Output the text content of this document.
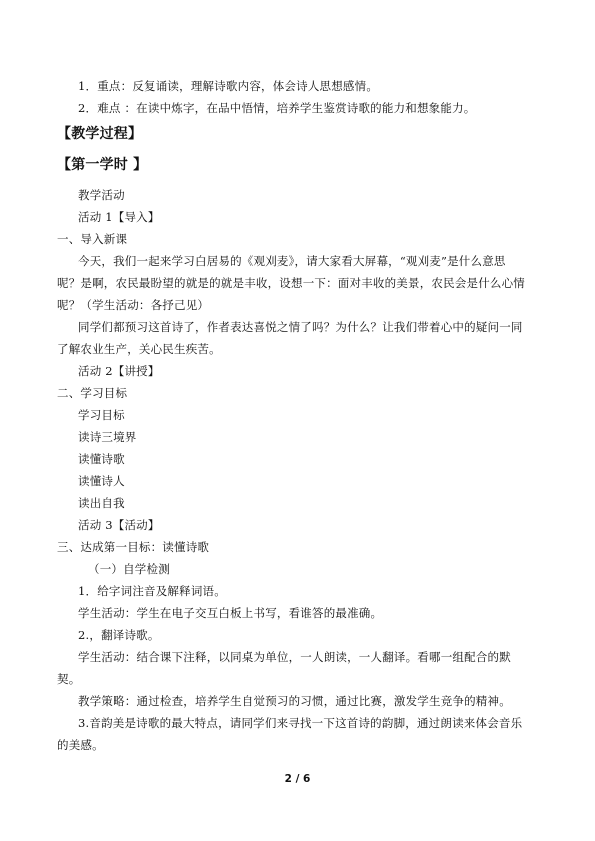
1．重点：反复诵读，理解诗歌内容，体会诗人思想感情。
2．难点 ：在读中炼字，在品中悟情，培养学生鉴赏诗歌的能力和想象能力。
【教学过程】
【第一学时 】
教学活动
活动 1【导入】
一、导入新课
今天，我们一起来学习白居易的《观刈麦》，请大家看大屏幕，“观刈麦”是什么意思
呢？是啊，农民最盼望的就是的就是丰收，设想一下：面对丰收的美景，农民会是什么心情
呢？（学生活动：各抒己见）
同学们都预习这首诗了，作者表达喜悦之情了吗？为什么？让我们带着心中的疑问一同
了解农业生产，关心民生疾苦。
活动 2【讲授】
二、学习目标
学习目标
读诗三境界
读懂诗歌
读懂诗人
读出自我
活动 3【活动】
三、达成第一目标：读懂诗歌
（一）自学检测
1．给字词注音及解释词语。
学生活动：学生在电子交互白板上书写，看谁答的最准确。
2.，翻译诗歌。
学生活动：结合课下注释，以同桌为单位，一人朗读，一人翻译。看哪一组配合的默
契。
教学策略：通过检查，培养学生自觉预习的习惯，通过比赛，激发学生竞争的精神。
3.音韵美是诗歌的最大特点，请同学们来寻找一下这首诗的韵脚，通过朗读来体会音乐
的美感。
2 / 6
